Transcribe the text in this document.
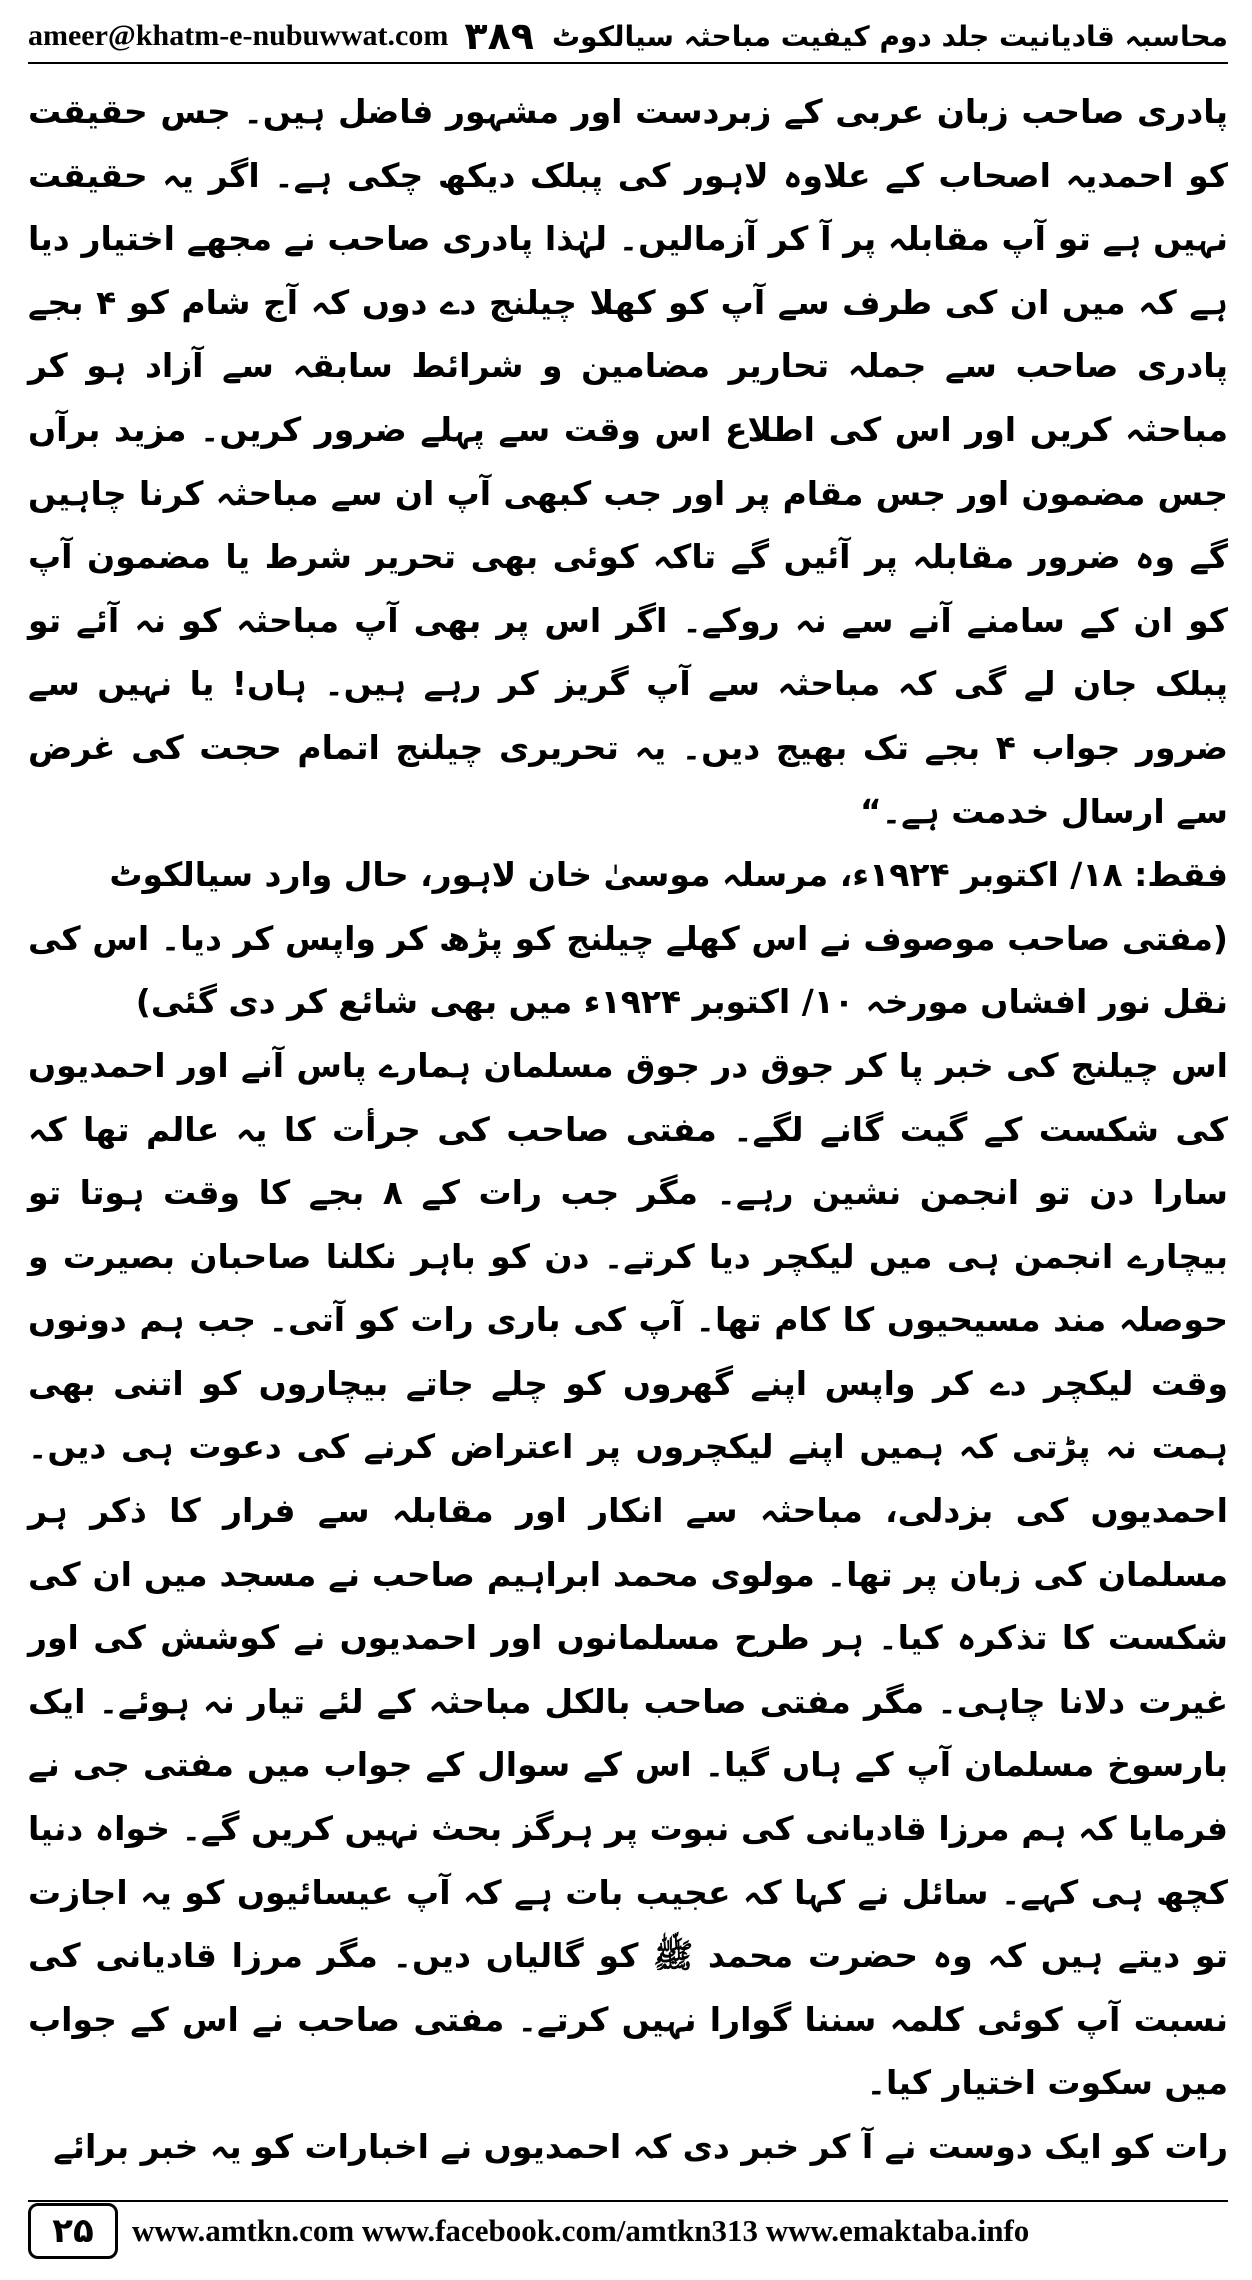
ameer@khatm-e-nubuwwat.com	محاسبہ قادیانیت جلد دوم کیفیت مباحثہ سیالکوٹ
۳۸۹

پادری صاحب زبان عربی کے زبردست اور مشہور فاضل ہیں۔ جس حقیقت کو احمدیہ اصحاب کے علاوہ لاہور کی پبلک دیکھ چکی ہے۔ اگر یہ حقیقت نہیں ہے تو آپ مقابلہ پر آ کر آزمالیں۔ لہٰذا پادری صاحب نے مجھے اختیار دیا ہے کہ میں ان کی طرف سے آپ کو کھلا چیلنج دے دوں کہ آج شام کو ۴ بجے پادری صاحب سے جملہ تحاریر مضامین و شرائط سابقہ سے آزاد ہو کر مباحثہ کریں اور اس کی اطلاع اس وقت سے پہلے ضرور کریں۔ مزید برآں جس مضمون اور جس مقام پر اور جب کبھی آپ ان سے مباحثہ کرنا چاہیں گے وہ ضرور مقابلہ پر آئیں گے تاکہ کوئی بھی تحریر شرط یا مضمون آپ کو ان کے سامنے آنے سے نہ روکے۔ اگر اس پر بھی آپ مباحثہ کو نہ آئے تو پبلک جان لے گی کہ مباحثہ سے آپ گریز کر رہے ہیں۔ ہاں! یا نہیں سے ضرور جواب ۴ بجے تک بھیج دیں۔ یہ تحریری چیلنج اتمام حجت کی غرض سے ارسال خدمت ہے۔“

فقط: ۱۸/ اکتوبر ۱۹۲۴ء، مرسلہ موسیٰ خان لاہور، حال وارد سیالکوٹ

(مفتی صاحب موصوف نے اس کھلے چیلنج کو پڑھ کر واپس کر دیا۔ اس کی نقل نور افشاں مورخہ ۱۰/ اکتوبر ۱۹۲۴ء میں بھی شائع کر دی گئی)

اس چیلنج کی خبر پا کر جوق در جوق مسلمان ہمارے پاس آنے اور احمدیوں کی شکست کے گیت گانے لگے۔ مفتی صاحب کی جرأت کا یہ عالم تھا کہ سارا دن تو انجمن نشین رہے۔ مگر جب رات کے ۸ بجے کا وقت ہوتا تو بیچارے انجمن ہی میں لیکچر دیا کرتے۔ دن کو باہر نکلنا صاحبان بصیرت و حوصلہ مند مسیحیوں کا کام تھا۔ آپ کی باری رات کو آتی۔ جب ہم دونوں وقت لیکچر دے کر واپس اپنے گھروں کو چلے جاتے بیچاروں کو اتنی بھی ہمت نہ پڑتی کہ ہمیں اپنے لیکچروں پر اعتراض کرنے کی دعوت ہی دیں۔ احمدیوں کی بزدلی، مباحثہ سے انکار اور مقابلہ سے فرار کا ذکر ہر مسلمان کی زبان پر تھا۔ مولوی محمد ابراہیم صاحب نے مسجد میں ان کی شکست کا تذکرہ کیا۔ ہر طرح مسلمانوں اور احمدیوں نے کوشش کی اور غیرت دلانا چاہی۔ مگر مفتی صاحب بالکل مباحثہ کے لئے تیار نہ ہوئے۔ ایک بارسوخ مسلمان آپ کے ہاں گیا۔ اس کے سوال کے جواب میں مفتی جی نے فرمایا کہ ہم مرزا قادیانی کی نبوت پر ہرگز بحث نہیں کریں گے۔ خواہ دنیا کچھ ہی کہے۔ سائل نے کہا کہ عجیب بات ہے کہ آپ عیسائیوں کو یہ اجازت تو دیتے ہیں کہ وہ حضرت محمد ﷺ کو گالیاں دیں۔ مگر مرزا قادیانی کی نسبت آپ کوئی کلمہ سننا گوارا نہیں کرتے۔ مفتی صاحب نے اس کے جواب میں سکوت اختیار کیا۔

رات کو ایک دوست نے آ کر خبر دی کہ احمدیوں نے اخبارات کو یہ خبر برائے

۲۵	www.amtkn.com www.facebook.com/amtkn313 www.emaktaba.info
